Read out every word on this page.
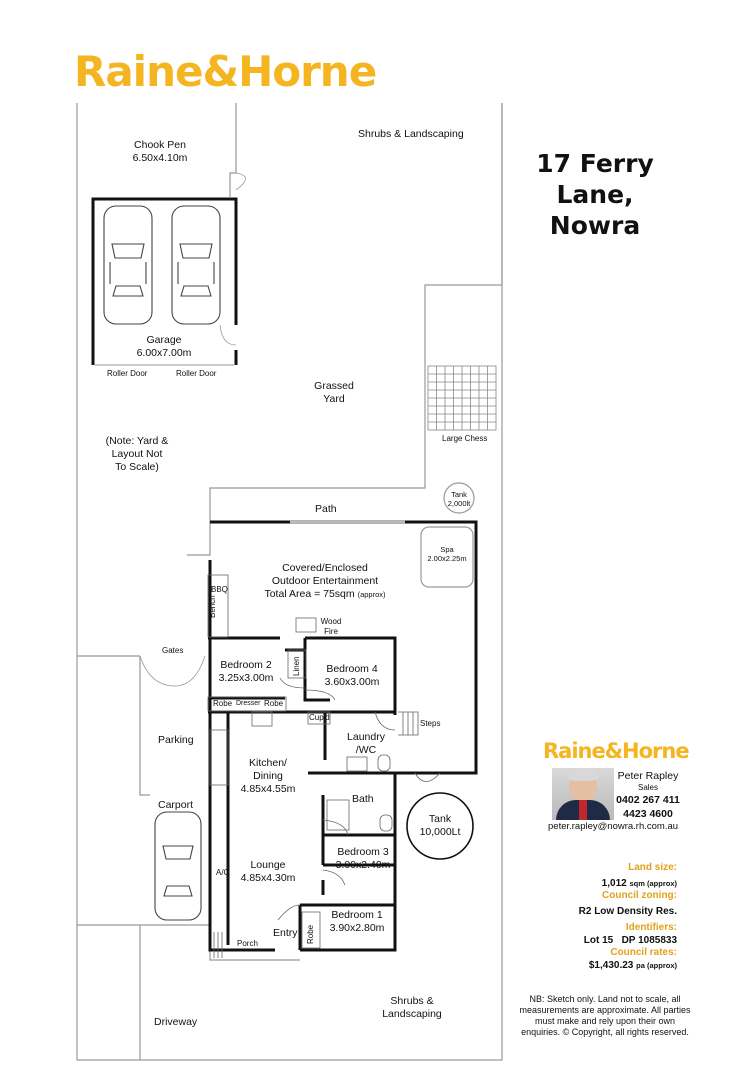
Raine&Horne
17 Ferry Lane,
Nowra
Chook Pen
6.50x4.10m
Shrubs & Landscaping
Garage
6.00x7.00m
Roller Door	Roller Door
Grassed
Yard
(Note: Yard &
Layout Not
To Scale)
Large Chess
Tank
2,000lt
Path
Spa
2.00x2.25m
Covered/Enclosed
Outdoor Entertainment
Total Area = 75sqm (approx)
BBQ
Bench
Wood
Fire
Gates
Bedroom 2
3.25x3.00m
Linen	Bedroom 4
3.60x3.00m
Robe Dresser Robe
Cup'd
Laundry
/WC
Steps
Parking
Kitchen/
Dining
4.85x4.55m
Bath
Tank
10,000Lt
Carport
Bedroom 3
3.00x2.40m
Lounge
4.85x4.30m
A/C
Bedroom 1
3.90x2.80m
Entry Robe
Porch
Shrubs &
Landscaping
Driveway
Raine&Horne
Peter Rapley
Sales
0402 267 411
4423 4600
peter.rapley@nowra.rh.com.au
Land size:
1,012 sqm (approx)
Council zoning:
R2 Low Density Res.
Identifiers:
Lot 15   DP 1085833
Council rates:
$1,430.23 pa (approx)
NB: Sketch only. Land not to scale, all
measurements are approximate. All parties
must make and rely upon their own
enquiries. © Copyright, all rights reserved.
